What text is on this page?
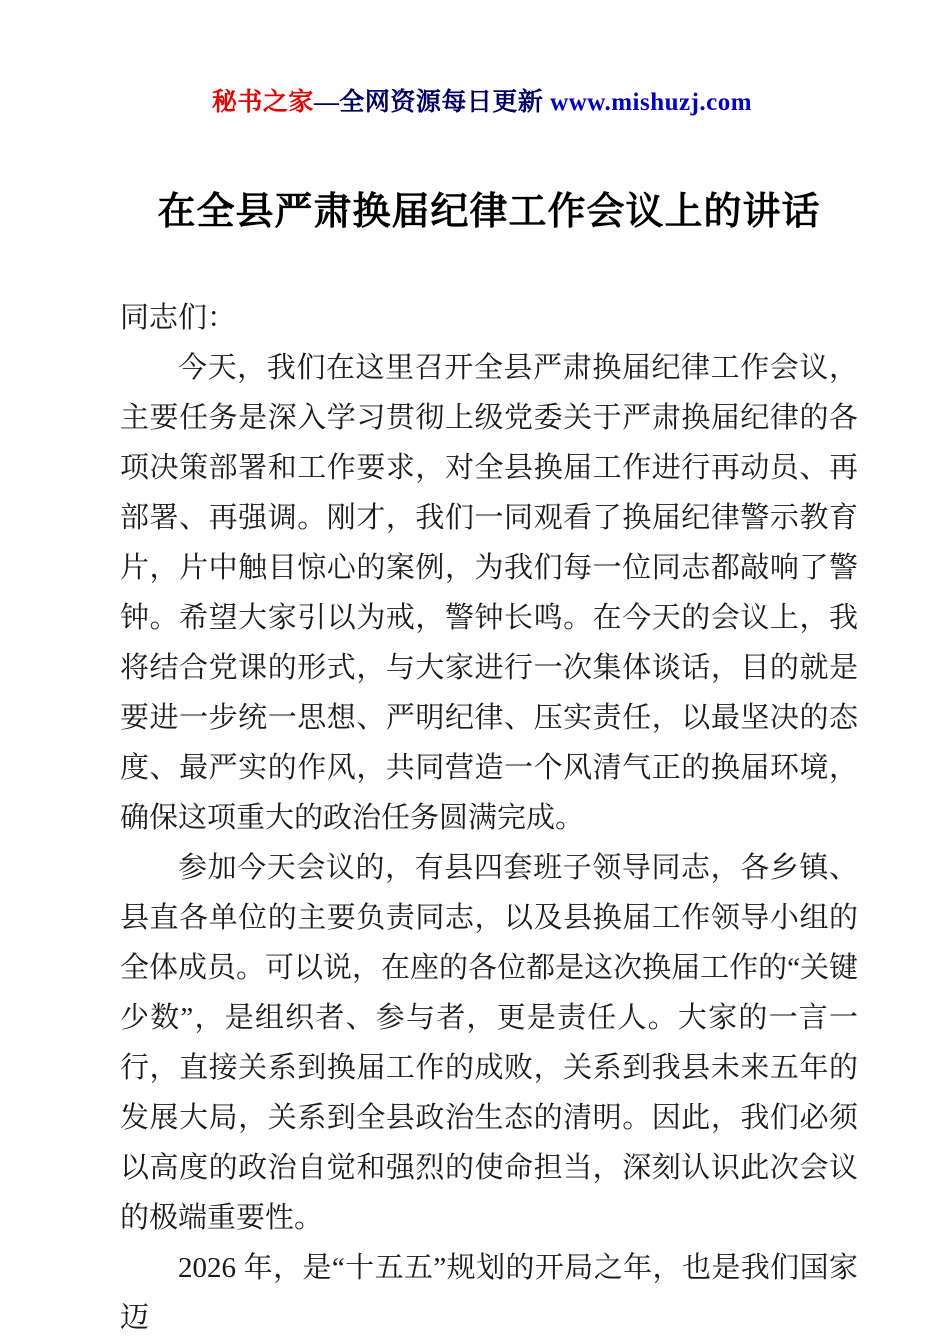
秘书之家—全网资源每日更新 www.mishuzj.com
在全县严肃换届纪律工作会议上的讲话

同志们：

今天，我们在这里召开全县严肃换届纪律工作会议，主要任务是深入学习贯彻上级党委关于严肃换届纪律的各项决策部署和工作要求，对全县换届工作进行再动员、再部署、再强调。刚才，我们一同观看了换届纪律警示教育片，片中触目惊心的案例，为我们每一位同志都敲响了警钟。希望大家引以为戒，警钟长鸣。在今天的会议上，我将结合党课的形式，与大家进行一次集体谈话，目的就是要进一步统一思想、严明纪律、压实责任，以最坚决的态度、最严实的作风，共同营造一个风清气正的换届环境，确保这项重大的政治任务圆满完成。

参加今天会议的，有县四套班子领导同志，各乡镇、县直各单位的主要负责同志，以及县换届工作领导小组的全体成员。可以说，在座的各位都是这次换届工作的“关键少数”，是组织者、参与者，更是责任人。大家的一言一行，直接关系到换届工作的成败，关系到我县未来五年的发展大局，关系到全县政治生态的清明。因此，我们必须以高度的政治自觉和强烈的使命担当，深刻认识此次会议的极端重要性。

2026 年，是“十五五”规划的开局之年，也是我们国家迈
